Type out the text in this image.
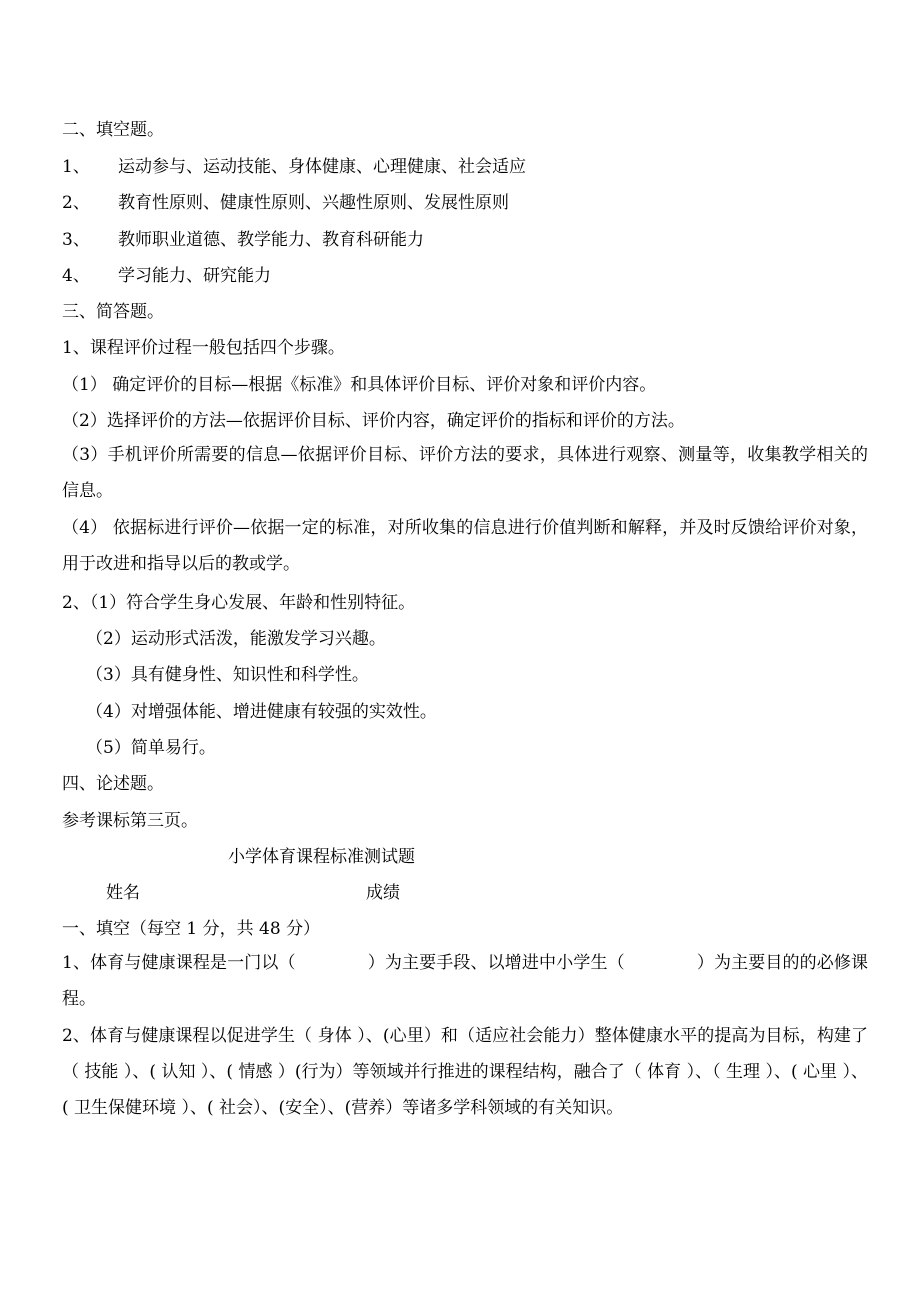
二、填空题。
1、 运动参与、运动技能、身体健康、心理健康、社会适应
2、 教育性原则、健康性原则、兴趣性原则、发展性原则
3、 教师职业道德、教学能力、教育科研能力
4、 学习能力、研究能力
三、简答题。
1、课程评价过程一般包括四个步骤。
（1） 确定评价的目标—根据《标准》和具体评价目标、评价对象和评价内容。
（2）选择评价的方法—依据评价目标、评价内容，确定评价的指标和评价的方法。
（3）手机评价所需要的信息—依据评价目标、评价方法的要求，具体进行观察、测量等，收集教学相关的信息。
（4） 依据标进行评价—依据一定的标准，对所收集的信息进行价值判断和解释，并及时反馈给评价对象，用于改进和指导以后的教或学。
2、（1）符合学生身心发展、年龄和性别特征。
（2）运动形式活泼，能激发学习兴趣。
（3）具有健身性、知识性和科学性。
（4）对增强体能、增进健康有较强的实效性。
（5）简单易行。
四、论述题。
参考课标第三页。
小学体育课程标准测试题
姓名	成绩
一、填空（每空 1 分，共 48 分）
1、体育与健康课程是一门以（	）为主要手段、以增进中小学生（	）为主要目的的必修课程。
2、体育与健康课程以促进学生（ 身体 ）、(心里）和（适应社会能力）整体健康水平的提高为目标，构建了（ 技能 ）、( 认知 ）、( 情感 ）(行为）等领域并行推进的课程结构，融合了（ 体育 ）、（ 生理 ）、( 心里 ）、( 卫生保健环境 ）、( 社会）、(安全）、(营养）等诸多学科领域的有关知识。
